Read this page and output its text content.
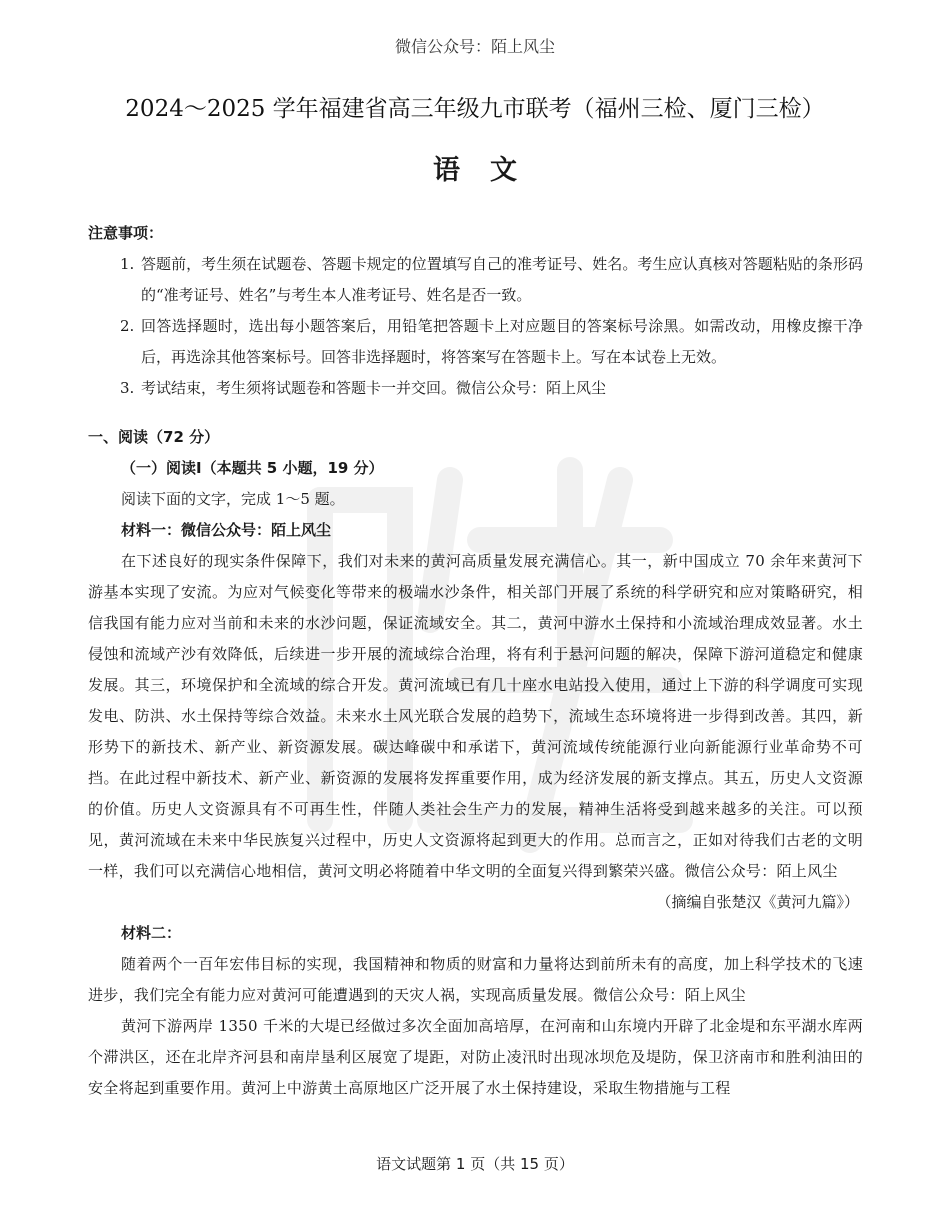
微信公众号：陌上风尘
2024～2025 学年福建省高三年级九市联考（福州三检、厦门三检）
语文
注意事项：
1. 答题前，考生须在试题卷、答题卡规定的位置填写自己的准考证号、姓名。考生应认真核对答题粘贴的条形码的“准考证号、姓名”与考生本人准考证号、姓名是否一致。
2. 回答选择题时，选出每小题答案后，用铅笔把答题卡上对应题目的答案标号涂黑。如需改动，用橡皮擦干净后，再选涂其他答案标号。回答非选择题时，将答案写在答题卡上。写在本试卷上无效。
3. 考试结束，考生须将试题卷和答题卡一并交回。微信公众号：陌上风尘
一、阅读（72 分）
（一）阅读I（本题共 5 小题，19 分）
阅读下面的文字，完成 1～5 题。
材料一：微信公众号：陌上风尘

在下述良好的现实条件保障下，我们对未来的黄河高质量发展充满信心。其一，新中国成立 70 余年来黄河下游基本实现了安流。为应对气候变化等带来的极端水沙条件，相关部门开展了系统的科学研究和应对策略研究，相信我国有能力应对当前和未来的水沙问题，保证流域安全。其二，黄河中游水土保持和小流域治理成效显著。水土侵蚀和流域产沙有效降低，后续进一步开展的流域综合治理，将有利于悬河问题的解决，保障下游河道稳定和健康发展。其三，环境保护和全流域的综合开发。黄河流域已有几十座水电站投入使用，通过上下游的科学调度可实现发电、防洪、水土保持等综合效益。未来水土风光联合发展的趋势下，流域生态环境将进一步得到改善。其四，新形势下的新技术、新产业、新资源发展。碳达峰碳中和承诺下，黄河流域传统能源行业向新能源行业革命势不可挡。在此过程中新技术、新产业、新资源的发展将发挥重要作用，成为经济发展的新支撑点。其五，历史人文资源的价值。历史人文资源具有不可再生性，伴随人类社会生产力的发展，精神生活将受到越来越多的关注。可以预见，黄河流域在未来中华民族复兴过程中，历史人文资源将起到更大的作用。总而言之，正如对待我们古老的文明一样，我们可以充满信心地相信，黄河文明必将随着中华文明的全面复兴得到繁荣兴盛。微信公众号：陌上风尘

（摘编自张楚汉《黄河九篇》）
材料二：

随着两个一百年宏伟目标的实现，我国精神和物质的财富和力量将达到前所未有的高度，加上科学技术的飞速进步，我们完全有能力应对黄河可能遭遇到的天灾人祸，实现高质量发展。微信公众号：陌上风尘

黄河下游两岸 1350 千米的大堤已经做过多次全面加高培厚，在河南和山东境内开辟了北金堤和东平湖水库两个滞洪区，还在北岸齐河县和南岸垦利区展宽了堤距，对防止凌汛时出现冰坝危及堤防，保卫济南市和胜利油田的安全将起到重要作用。黄河上中游黄土高原地区广泛开展了水土保持建设，采取生物措施与工程

语文试题第 1 页（共 15 页）
